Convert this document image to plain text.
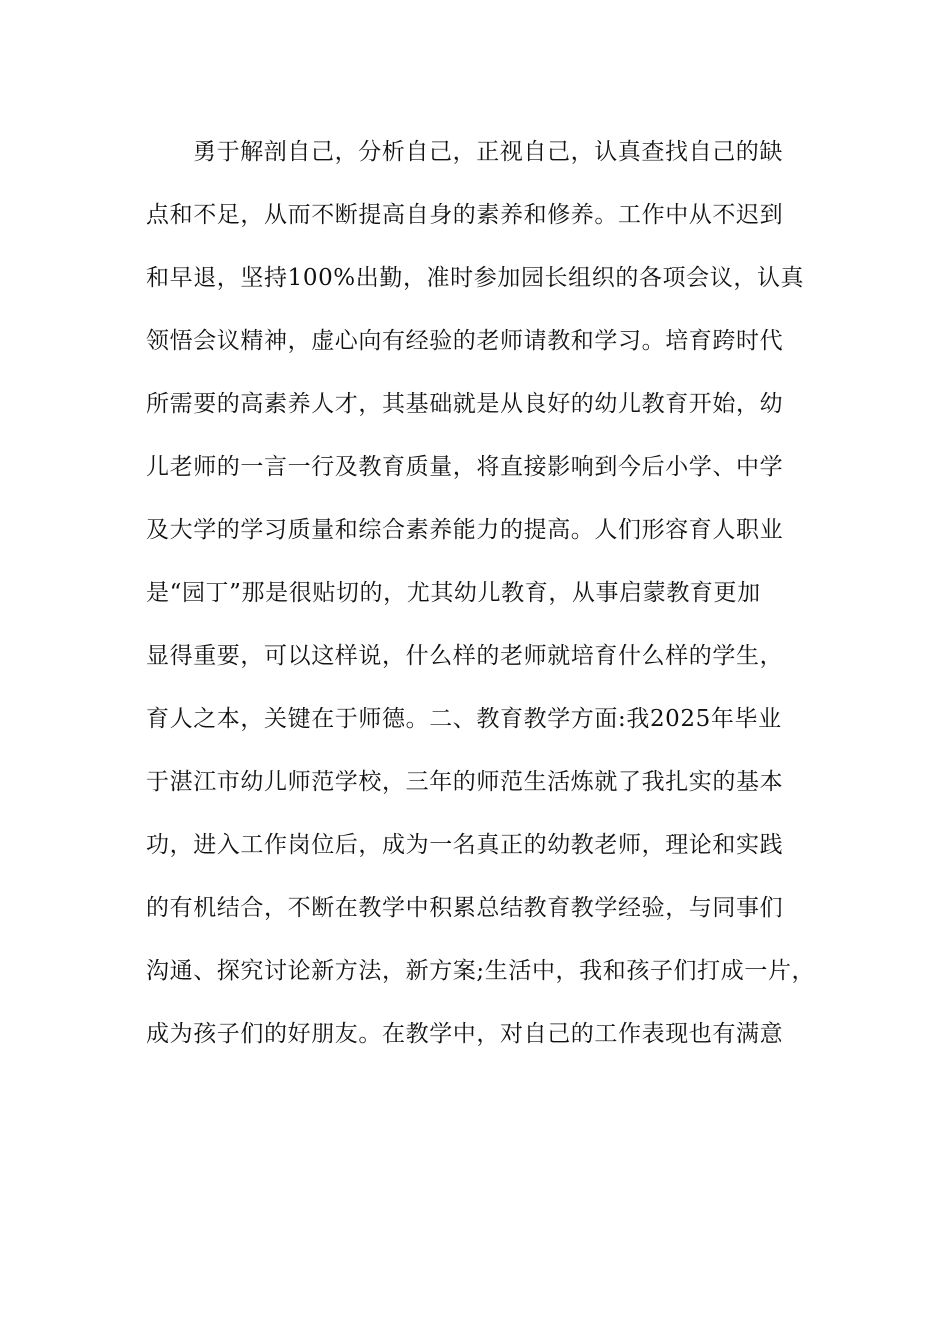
勇于解剖自己，分析自己，正视自己，认真查找自己的缺
点和不足，从而不断提高自身的素养和修养。工作中从不迟到
和早退，坚持100%出勤，准时参加园长组织的各项会议，认真
领悟会议精神，虚心向有经验的老师请教和学习。培育跨时代
所需要的高素养人才，其基础就是从良好的幼儿教育开始，幼
儿老师的一言一行及教育质量，将直接影响到今后小学、中学
及大学的学习质量和综合素养能力的提高。人们形容育人职业
是“园丁”那是很贴切的，尤其幼儿教育，从事启蒙教育更加
显得重要，可以这样说，什么样的老师就培育什么样的学生，
育人之本，关键在于师德。二、教育教学方面:我2025年毕业
于湛江市幼儿师范学校，三年的师范生活炼就了我扎实的基本
功，进入工作岗位后，成为一名真正的幼教老师，理论和实践
的有机结合，不断在教学中积累总结教育教学经验，与同事们
沟通、探究讨论新方法，新方案;生活中，我和孩子们打成一片，
成为孩子们的好朋友。在教学中，对自己的工作表现也有满意
